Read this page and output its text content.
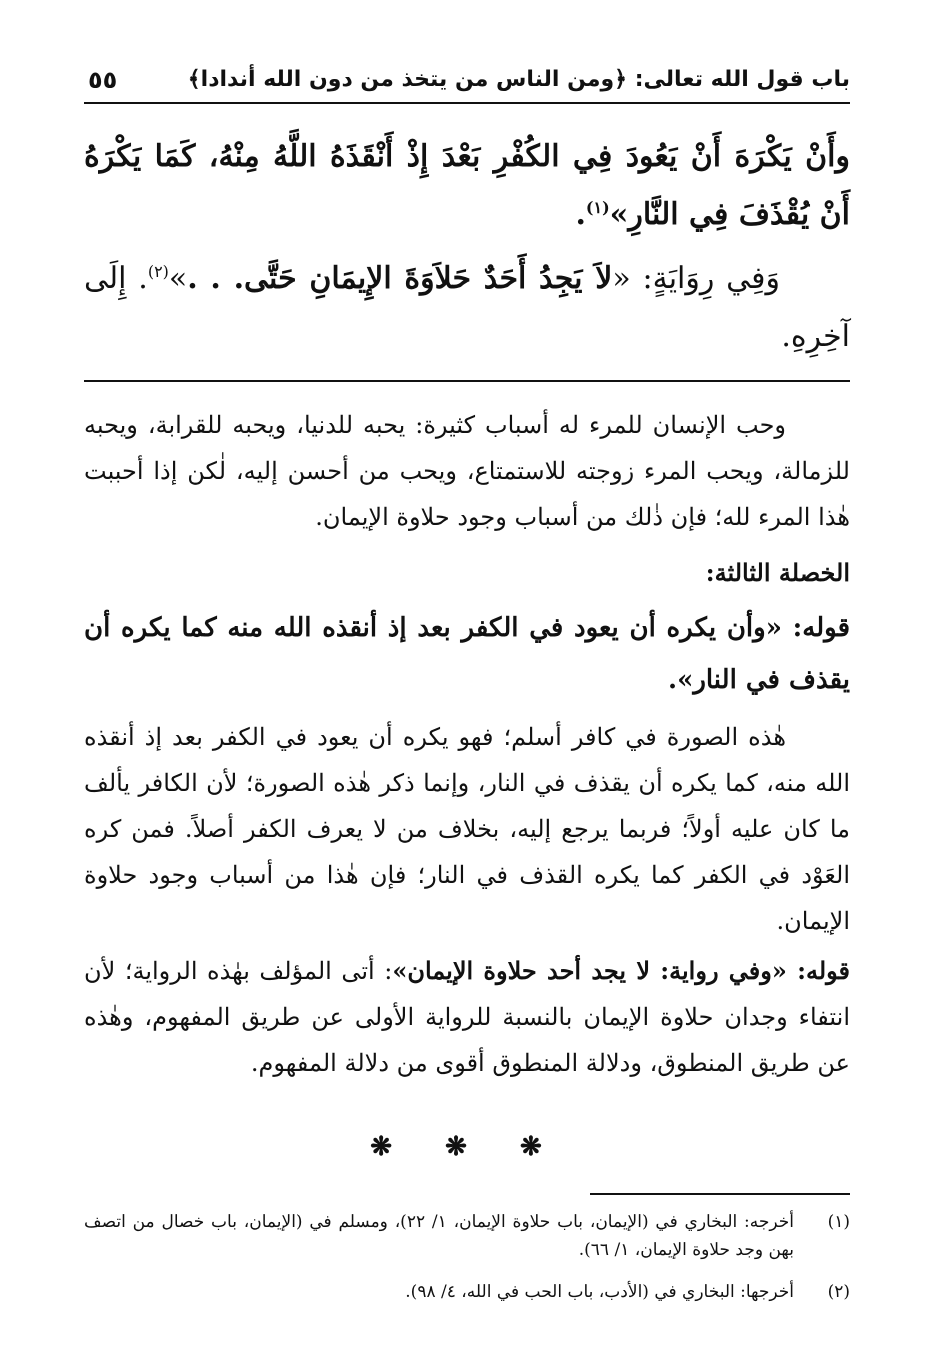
باب قول الله تعالى: ﴿ومن الناس من يتخذ من دون الله أندادا﴾
٥٥

وأَنْ يَكْرَهَ أَنْ يَعُودَ فِي الكُفْرِ بَعْدَ إِذْ أَنْقَذَهُ اللَّهُ مِنْهُ، كَمَا يَكْرَهُ أَنْ يُقْذَفَ فِي النَّارِ»$^{(١)}$.

وَفِي رِوَايَةٍ: «لاَ يَجِدُ أَحَدٌ حَلاَوَةَ الإِيمَانِ حَتَّى. . .»$^{(٢)}$. إِلَى آخِرِهِ.

وحب الإنسان للمرء له أسباب كثيرة: يحبه للدنيا، ويحبه للقرابة، ويحبه للزمالة، ويحب المرء زوجته للاستمتاع، ويحب من أحسن إليه، لٰكن إذا أحببت هٰذا المرء لله؛ فإن ذٰلك من أسباب وجود حلاوة الإيمان.

الخصلة الثالثة:

قوله: «وأن يكره أن يعود في الكفر بعد إذ أنقذه الله منه كما يكره أن يقذف في النار».

هٰذه الصورة في كافر أسلم؛ فهو يكره أن يعود في الكفر بعد إذ أنقذه الله منه، كما يكره أن يقذف في النار، وإنما ذكر هٰذه الصورة؛ لأن الكافر يألف ما كان عليه أولاً؛ فربما يرجع إليه، بخلاف من لا يعرف الكفر أصلاً. فمن كره العَوْد في الكفر كما يكره القذف في النار؛ فإن هٰذا من أسباب وجود حلاوة الإيمان.

قوله: «وفي رواية: لا يجد أحد حلاوة الإيمان»: أتى المؤلف بهٰذه الرواية؛ لأن انتفاء وجدان حلاوة الإيمان بالنسبة للرواية الأولى عن طريق المفهوم، وهٰذه عن طريق المنطوق، ودلالة المنطوق أقوى من دلالة المفهوم.

❋ ❋ ❋
(١)
أخرجه: البخاري في (الإيمان، باب حلاوة الإيمان، ١/ ٢٢)، ومسلم في (الإيمان، باب خصال من اتصف بهن وجد حلاوة الإيمان، ١/ ٦٦).
(٢)
أخرجها: البخاري في (الأدب، باب الحب في الله، ٤/ ٩٨).
